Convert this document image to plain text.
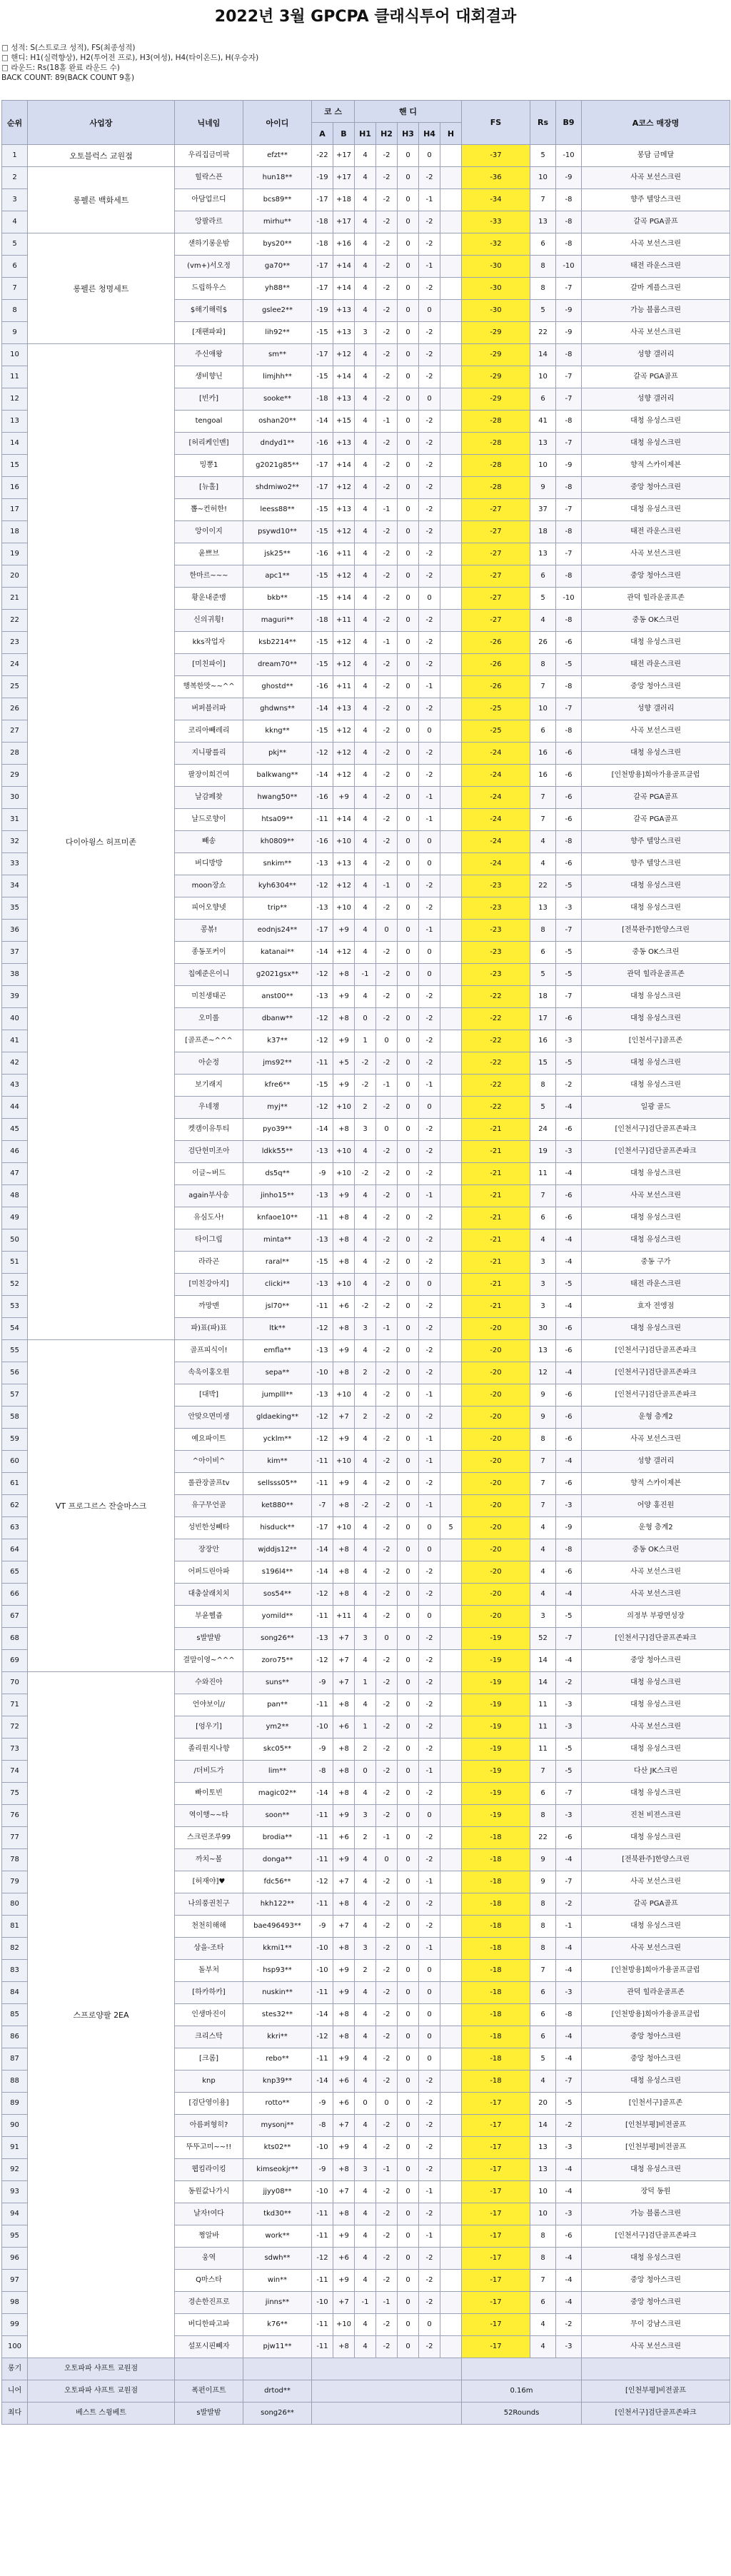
2022년 3월 GPCPA 클래식투어 대회결과
□ 성적: S(스트로크 성적), FS(최종성적)
□ 핸디: H1(실력향상), H2(투어전 프로), H3(여성), H4(타이온드), H(우승자)
□ 라운드: Rs(18홀 완료 라운드 수)
BACK COUNT: 89(BACK COUNT 9홀)
순위	사업장	닉네임	아이디	코 스		핸 디					FS	Rs	B9	A코스 매장명
				A	B	H1	H2	H3	H4	H				
1	오토블럭스 교원점	우리집금미팍	efzt**	-22	+17	4	-2	0	0		-37	5	-10	봉담 금메달
2	롱펠른 백화세트	힐락스픈	hun18**	-19	+17	4	-2	0	-2		-36	10	-9	사곡 보선스크린
3		아담업르디	bcs89**	-17	+18	4	-2	0	-1		-34	7	-8	향주 텔앙스크린
4		앙팔라르	mirhu**	-18	+17	4	-2	0	-2		-33	13	-8	갈곡 PGA골프
5	롱펠른 청명세트	샌하기롱운밤	bys20**	-18	+16	4	-2	0	-2		-32	6	-8	사곡 보선스크린
6		(vm+)서오정	ga70**	-17	+14	4	-2	0	-1		-30	8	-10	태전 라운스크린
7		드립하우스	yh88**	-17	+14	4	-2	0	-2		-30	8	-7	갈마 게플스크린
8		$해기해력$	gslee2**	-19	+13	4	-2	0	0		-30	5	-9	가능 블롬스크린
9		[재팬파파]	lih92**	-15	+13	3	-2	0	-2		-29	22	-9	사곡 보선스크린
10	다이아윙스 허프미존	주신애왕	sm**	-17	+12	4	-2	0	-2		-29	14	-8	성향 갤러리
11		생비향닌	limjhh**	-15	+14	4	-2	0	-2		-29	10	-7	갈곡 PGA골프
12		[빈카]	sooke**	-18	+13	4	-2	0	0		-29	6	-7	성향 갤러리
13		tengoal	oshan20**	-14	+15	4	-1	0	-2		-28	41	-8	대청 유성스크린
14		[허리케인맨]	dndyd1**	-16	+13	4	-2	0	-2		-28	13	-7	대청 유성스크린
15		밍뽕1	g2021g85**	-17	+14	4	-2	0	-2		-28	10	-9	향적 스카이제븐
16		[뉴홀]	shdmiwo2**	-17	+12	4	-2	0	-2		-28	9	-8	중앙 청아스크린
17		뽑~컨허한!	leess88**	-15	+13	4	-1	0	-2		-27	37	-7	대청 유성스크린
18		앙이이지	psywd10**	-15	+12	4	-2	0	-2		-27	18	-8	태전 라운스크린
19		윤쁘브	jsk25**	-16	+11	4	-2	0	-2		-27	13	-7	사곡 보선스크린
20		한마르~~~	apc1**	-15	+12	4	-2	0	-2		-27	6	-8	중앙 청아스크린
21		황운내준맹	bkb**	-15	+14	4	-2	0	0		-27	5	-10	관덕 힐라운골프존
22		신의귀횡!	maguri**	-18	+11	4	-2	0	-2		-27	4	-8	중동 OK스크린
23		kks작업자	ksb2214**	-15	+12	4	-1	0	-2		-26	26	-6	대청 유성스크린
24		[미친파이]	dream70**	-15	+12	4	-2	0	-2		-26	8	-5	태전 라운스크린
25		행복한맛~~^^	ghostd**	-16	+11	4	-2	0	-1		-26	7	-8	중앙 청아스크린
26		버퍼블러파	ghdwns**	-14	+13	4	-2	0	-2		-25	10	-7	성향 갤러리
27		코리아빼레리	kkng**	-15	+12	4	-2	0	0		-25	6	-8	사곡 보선스크린
28		지니팡를리	pkj**	-12	+12	4	-2	0	-2		-24	16	-6	대청 유성스크린
29		팔장이희건여	balkwang**	-14	+12	4	-2	0	-2		-24	16	-6	[인천방용]희아가용골프클럽
30		날감페찾	hwang50**	-16	+9	4	-2	0	-1		-24	7	-6	갈곡 PGA골프
31		날드로향이	htsa09**	-11	+14	4	-2	0	-1		-24	7	-6	갈곡 PGA골프
32		빼송	kh0809**	-16	+10	4	-2	0	0		-24	4	-8	향주 텔앙스크린
33		버디방방	snkim**	-13	+13	4	-2	0	0		-24	4	-6	향주 텔앙스크린
34		moon장쇼	kyh6304**	-12	+12	4	-1	0	-2		-23	22	-5	대청 유성스크린
35		피어오향넷	trip**	-13	+10	4	-2	0	-2		-23	13	-3	대청 유성스크린
36		콩볶!	eodnjs24**	-17	+9	4	0	0	-1		-23	8	-7	[전북완주]한양스크린
37		종동포커이	katanai**	-14	+12	4	-2	0	0		-23	6	-5	중동 OK스크린
38		칩예준은이니	g2021gsx**	-12	+8	-1	-2	0	0		-23	5	-5	관덕 힐라운골프존
39		미친생태곤	anst00**	-13	+9	4	-2	0	-2		-22	18	-7	대청 유성스크린
40		오미롤	dbanw**	-12	+8	0	-2	0	-2		-22	17	-6	대청 유성스크린
41		[골프존~^^^	k37**	-12	+9	1	0	0	-2		-22	16	-3	[인천서구]골프존
42		아순정	jms92**	-11	+5	-2	-2	0	-2		-22	15	-5	대청 유성스크린
43		보기래지	kfre6**	-15	+9	-2	-1	0	-1		-22	8	-2	대청 유성스크린
44		우네챙	myj**	-12	+10	2	-2	0	0		-22	5	-4	일광 골드
45		켓캠이유투티	pyo39**	-14	+8	3	0	0	-2		-21	24	-6	[인천서구]검단골프존파크
46		검단헌미조아	ldkk55**	-13	+10	4	-2	0	-2		-21	19	-3	[인천서구]검단골프존파크
47		이글~버드	ds5q**	-9	+10	-2	-2	0	-2		-21	11	-4	대청 유성스크린
48		again부사송	jinho15**	-13	+9	4	-2	0	-1		-21	7	-6	사곡 보선스크린
49		유심도사!	knfaoe10**	-11	+8	4	-2	0	-2		-21	6	-6	대청 유성스크린
50		타이그립	minta**	-13	+8	4	-2	0	-2		-21	4	-4	대청 유성스크린
51		라라곤	raral**	-15	+8	4	-2	0	-2		-21	3	-4	중동 구가
52		[미친강아지]	clicki**	-13	+10	4	-2	0	0		-21	3	-5	태전 라운스크린
53		까망맨	jsl70**	-11	+6	-2	-2	0	-2		-21	3	-4	효자 전앵점
54		파)표(파)표	ltk**	-12	+8	3	-1	0	-2		-20	30	-6	대청 유성스크린
55	VT 프로그르스 잔술마스크	골프피식이!	emfla**	-13	+9	4	-2	0	-2		-20	13	-6	[인천서구]검단골프존파크
56		속욱이홍오원	sepa**	-10	+8	2	-2	0	-2		-20	12	-4	[인천서구]검단골프존파크
57		[대박]	jumplll**	-13	+10	4	-2	0	-1		-20	9	-6	[인천서구]검단골프존파크
58		안맞으면미생	gldaeking**	-12	+7	2	-2	0	-2		-20	9	-6	운형 층계2
59		예요파이트	ycklm**	-12	+9	4	-2	0	-1		-20	8	-6	사곡 보선스크린
60		^아이비^	kim**	-11	+10	4	-2	0	-1		-20	7	-4	성향 갤러리
61		롤관장골프tv	sellsss05**	-11	+9	4	-2	0	-2		-20	7	-6	향적 스카이제븐
62		유구무언골	ket880**	-7	+8	-2	-2	0	-1		-20	7	-3	어양 홍진원
63		성빈한성빼타	hisduck**	-17	+10	4	-2	0	0	5	-20	4	-9	운형 층계2
64		장장안	wjddjs12**	-14	+8	4	-2	0	0		-20	4	-8	중동 OK스크린
65		어퍼드린아파	s196l4**	-14	+8	4	-2	0	-2		-20	4	-6	사곡 보선스크린
66		대충살래치치	sos54**	-12	+8	4	-2	0	-2		-20	4	-4	사곡 보선스크린
67		부윤헬쥼	yomild**	-11	+11	4	-2	0	0		-20	3	-5	의정부 부광면성장
68		s발발밤	song26**	-13	+7	3	0	0	-2		-19	52	-7	[인천서구]검단골프존파크
69		결말이영~^^^	zoro75**	-12	+7	4	-2	0	-2		-19	14	-4	중앙 청아스크린
70	스프로양팔 2EA	수와진아	suns**	-9	+7	1	-2	0	-2		-19	14	-2	대청 유성스크린
71		언야보이//	pan**	-11	+8	4	-2	0	-2		-19	11	-3	대청 유성스크린
72		[엉우기]	ym2**	-10	+6	1	-2	0	-2		-19	11	-3	사곡 보선스크린
73		졸리원지나향	skc05**	-9	+8	2	-2	0	-2		-19	11	-5	대청 유성스크린
74		/더비드가	lim**	-8	+8	0	-2	0	-1		-19	7	-5	다산 JK스크린
75		빠이토빈	magic02**	-14	+8	4	-2	0	-2		-19	6	-7	대청 유성스크린
76		역이행~~타	soon**	-11	+9	3	-2	0	0		-19	8	-3	진천 비젼스크린
77		스크린조루99	brodia**	-11	+6	2	-1	0	-2		-18	22	-6	대청 유성스크린
78		까치~볼	donga**	-11	+9	4	0	0	-2		-18	9	-4	[전북완주]한양스크린
79		[허재야]♥	fdc56**	-12	+7	4	-2	0	-1		-18	9	-7	사곡 보선스크린
80		나의풍권친구	hkh122**	-11	+8	4	-2	0	-2		-18	8	-2	갈곡 PGA골프
81		천천히해해	bae496493**	-9	+7	4	-2	0	-2		-18	8	-1	대청 유성스크린
82		상을-조타	kkmi1**	-10	+8	3	-2	0	-1		-18	8	-4	사곡 보선스크린
83		돌부처	hsp93**	-10	+9	2	-2	0	0		-18	7	-4	[인천방용]희아가용골프클럽
84		[하카하카]	nuskin**	-11	+9	4	-2	0	0		-18	6	-3	관덕 힐라운골프존
85		인생마진이	stes32**	-14	+8	4	-2	0	0		-18	6	-8	[인천방용]희아가용골프클럽
86		크리스탁	kkri**	-12	+8	4	-2	0	0		-18	6	-4	중앙 청아스크린
87		[크롬]	rebo**	-11	+9	4	-2	0	0		-18	5	-4	중앙 청아스크린
88		knp	knp39**	-14	+6	4	-2	0	-2		-18	4	-7	대청 유성스크린
89		[검단영이용]	rotto**	-9	+6	0	0	0	-2		-17	20	-5	[인천서구]골프존
90		아름퍼형히?	mysonj**	-8	+7	4	-2	0	-2		-17	14	-2	[인천부평]비전골프
91		뚜뚜고미~~!!	kts02**	-10	+9	4	-2	0	-2		-17	13	-3	[인천부평]비전골프
92		웹킴라이킹	kimseokjr**	-9	+8	3	-1	0	-2		-17	13	-4	대청 유성스크린
93		동원값나가시	jjyy08**	-10	+7	4	-2	0	-1		-17	10	-4	장덕 동원
94		날자!여다	tkd30**	-11	+8	4	-2	0	-2		-17	10	-3	가능 블롬스크린
95		쩡알바	work**	-11	+9	4	-2	0	-1		-17	8	-6	[인천서구]검단골프존파크
96		웅역	sdwh**	-12	+6	4	-2	0	-2		-17	8	-4	대청 유성스크린
97		Q마스타	win**	-11	+9	4	-2	0	-2		-17	7	-4	중앙 청아스크린
98		경손한진프로	jinns**	-10	+7	-1	-1	0	-2		-17	6	-4	중앙 청아스크린
99		버디한파고파	k76**	-11	+10	4	-2	0	0		-17	4	-2	무이 강남스크린
100		설포시핀빼자	pjw11**	-11	+8	4	-2	0	-2		-17	4	-3	사곡 보선스크린
롱기	오토파파 샤프트 교원점													
니어	오토파파 샤프트 교원점	폭펀이프트	drtod**								0.16m			[인천부평]비전골프
최다	베스트 스윙베트	s발발밤	song26**								52Rounds			[인천서구]검단골프존파크
